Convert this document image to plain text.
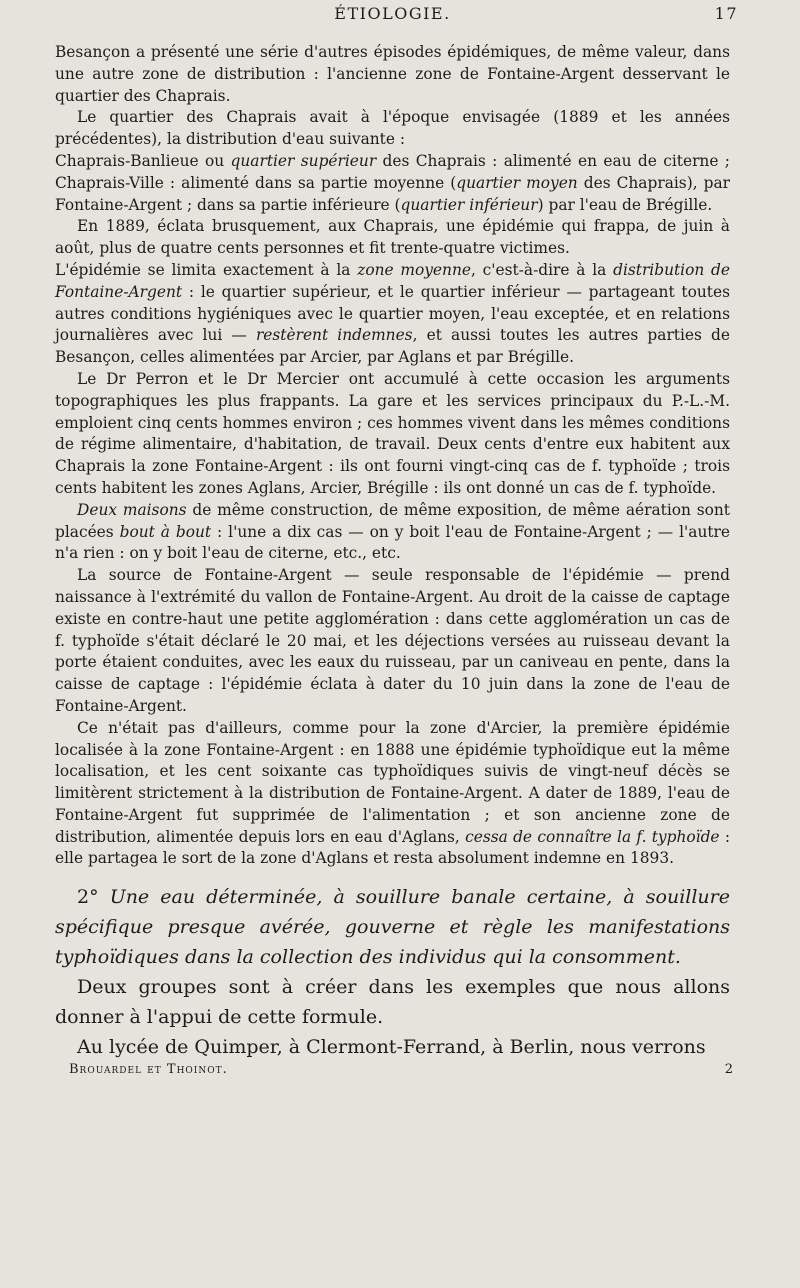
ÉTIOLOGIE.	17

Besançon a présenté une série d'autres épisodes épidémiques, de même valeur, dans une autre zone de distribution : l'ancienne zone de Fontaine-Argent desservant le quartier des Chaprais.

Le quartier des Chaprais avait à l'époque envisagée (1889 et les années précédentes), la distribution d'eau suivante :

Chaprais-Banlieue ou quartier supérieur des Chaprais : alimenté en eau de citerne ; Chaprais-Ville : alimenté dans sa partie moyenne (quartier moyen des Chaprais), par Fontaine-Argent ; dans sa partie inférieure (quartier inférieur) par l'eau de Brégille.

En 1889, éclata brusquement, aux Chaprais, une épidémie qui frappa, de juin à août, plus de quatre cents personnes et fit trente-quatre victimes.

L'épidémie se limita exactement à la zone moyenne, c'est-à-dire à la distribution de Fontaine-Argent : le quartier supérieur, et le quartier inférieur — partageant toutes autres conditions hygiéniques avec le quartier moyen, l'eau exceptée, et en relations journalières avec lui — restèrent indemnes, et aussi toutes les autres parties de Besançon, celles alimentées par Arcier, par Aglans et par Brégille.

Le Dr Perron et le Dr Mercier ont accumulé à cette occasion les arguments topographiques les plus frappants. La gare et les services principaux du P.-L.-M. emploient cinq cents hommes environ ; ces hommes vivent dans les mêmes conditions de régime alimentaire, d'habitation, de travail. Deux cents d'entre eux habitent aux Chaprais la zone Fontaine-Argent : ils ont fourni vingt-cinq cas de f. typhoïde ; trois cents habitent les zones Aglans, Arcier, Brégille : ils ont donné un cas de f. typhoïde.

Deux maisons de même construction, de même exposition, de même aération sont placées bout à bout : l'une a dix cas — on y boit l'eau de Fontaine-Argent ; — l'autre n'a rien : on y boit l'eau de citerne, etc., etc.

La source de Fontaine-Argent — seule responsable de l'épidémie — prend naissance à l'extrémité du vallon de Fontaine-Argent. Au droit de la caisse de captage existe en contre-haut une petite agglomération : dans cette agglomération un cas de f. typhoïde s'était déclaré le 20 mai, et les déjections versées au ruisseau devant la porte étaient conduites, avec les eaux du ruisseau, par un caniveau en pente, dans la caisse de captage : l'épidémie éclata à dater du 10 juin dans la zone de l'eau de Fontaine-Argent.

Ce n'était pas d'ailleurs, comme pour la zone d'Arcier, la première épidémie localisée à la zone Fontaine-Argent : en 1888 une épidémie typhoïdique eut la même localisation, et les cent soixante cas typhoïdiques suivis de vingt-neuf décès se limitèrent strictement à la distribution de Fontaine-Argent. A dater de 1889, l'eau de Fontaine-Argent fut supprimée de l'alimentation ; et son ancienne zone de distribution, alimentée depuis lors en eau d'Aglans, cessa de connaître la f. typhoïde : elle partagea le sort de la zone d'Aglans et resta absolument indemne en 1893.

2° Une eau déterminée, à souillure banale certaine, à souillure spécifique presque avérée, gouverne et règle les manifestations typhoïdiques dans la collection des individus qui la consomment.

Deux groupes sont à créer dans les exemples que nous allons donner à l'appui de cette formule.

Au lycée de Quimper, à Clermont-Ferrand, à Berlin, nous verrons

Brouardel et Thoinot.	2
